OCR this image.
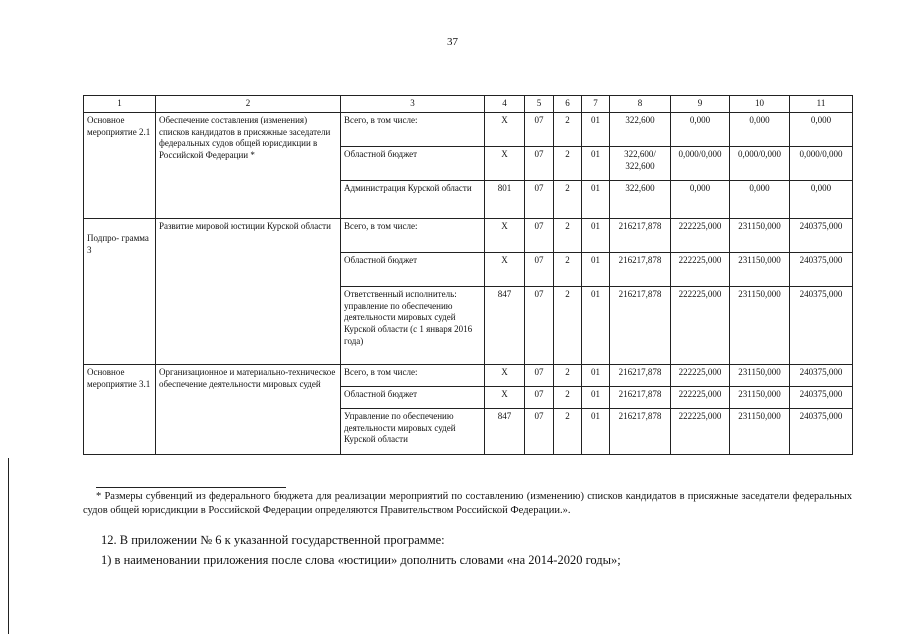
37
1	2	3	4	5	6	7	8	9	10	11
Основное мероприятие 2.1	Обеспечение составления (изменения) списков кандидатов в присяжные заседатели федеральных судов общей юрисдикции в Российской Федерации *	Всего, в том числе:	Х	07	2	01	322,600	0,000	0,000	0,000
		Областной бюджет	Х	07	2	01	322,600/ 322,600	0,000/0,000	0,000/0,000	0,000/0,000
		Администрация Курской области	801	07	2	01	322,600	0,000	0,000	0,000
Подпро- грамма 3	Развитие мировой юстиции Курской области	Всего, в том числе:	Х	07	2	01	216217,878	222225,000	231150,000	240375,000
		Областной бюджет	Х	07	2	01	216217,878	222225,000	231150,000	240375,000
		Ответственный исполнитель: управление по обеспечению деятельности мировых судей Курской области (с 1 января 2016 года)	847	07	2	01	216217,878	222225,000	231150,000	240375,000
Основное мероприятие 3.1	Организационное и материально-техническое обеспечение деятельности мировых судей	Всего, в том числе:	Х	07	2	01	216217,878	222225,000	231150,000	240375,000
		Областной бюджет	Х	07	2	01	216217,878	222225,000	231150,000	240375,000
		Управление по обеспечению деятельности мировых судей Курской области	847	07	2	01	216217,878	222225,000	231150,000	240375,000
* Размеры субвенций из федерального бюджета для реализации мероприятий по составлению (изменению) списков кандидатов в присяжные заседатели федеральных судов общей юрисдикции в Российской Федерации определяются Правительством Российской Федерации.».
12. В приложении № 6 к указанной государственной программе:
1) в наименовании приложения после слова «юстиции» дополнить словами «на 2014-2020 годы»;
